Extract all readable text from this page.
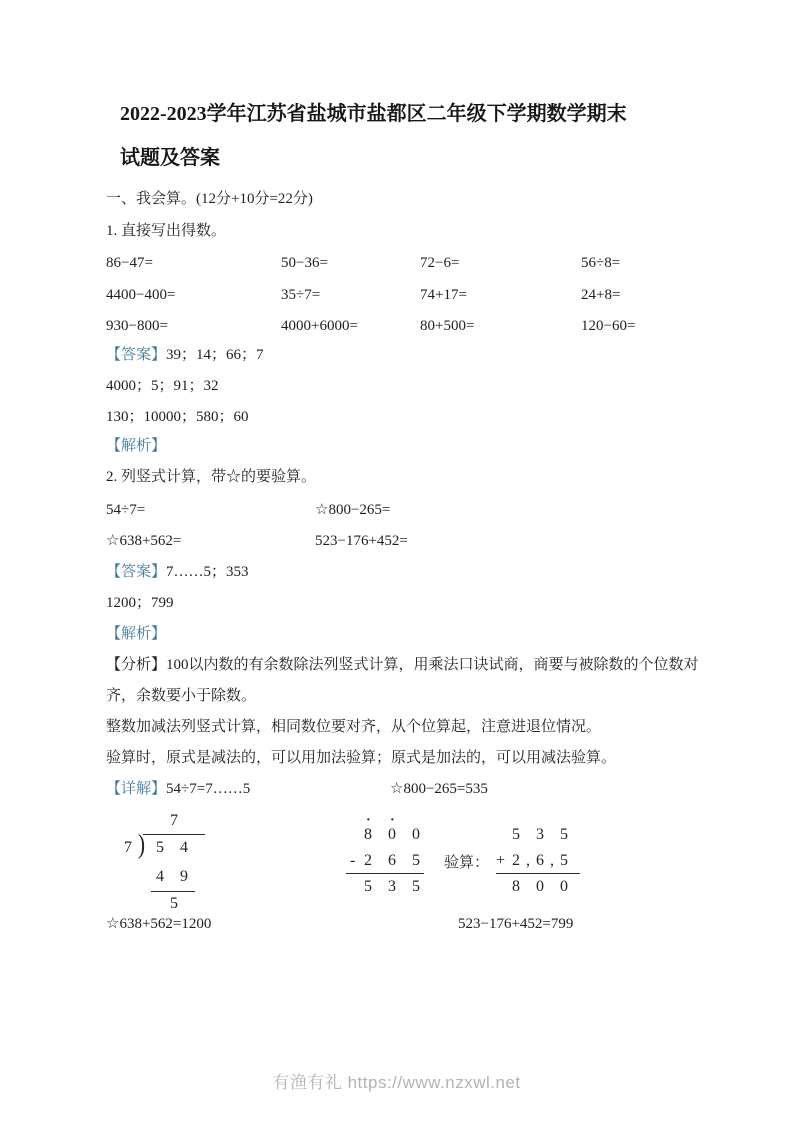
2022-2023学年江苏省盐城市盐都区二年级下学期数学期末
试题及答案
一、我会算。(12分+10分=22分)
1. 直接写出得数。
86−47=	50−36=	72−6=	56÷8=
4400−400=	35÷7=	74+17=	24+8=
930−800=	4000+6000=	80+500=	120−60=
【答案】39；14；66；7
4000；5；91；32
130；10000；580；60
【解析】
2. 列竖式计算，带☆的要验算。
54÷7=	☆800−265=
☆638+562=	523−176+452=
【答案】7……5；353
1200；799
【解析】
【分析】100以内数的有余数除法列竖式计算，用乘法口诀试商，商要与被除数的个位数对
齐，余数要小于除数。
整数加减法列竖式计算，相同数位要对齐，从个位算起，注意进退位情况。
验算时，原式是减法的，可以用加法验算；原式是加法的，可以用减法验算。
【详解】54÷7=7……5	☆800−265=535
7
7 ) 5 4
4 9
5
· ·
8 0 0
- 2 6 5
5 3 5
验算：
5 3 5
+ 2,6,5
8 0 0
☆638+562=1200	523−176+452=799
有渔有礼 https://www.nzxwl.net
